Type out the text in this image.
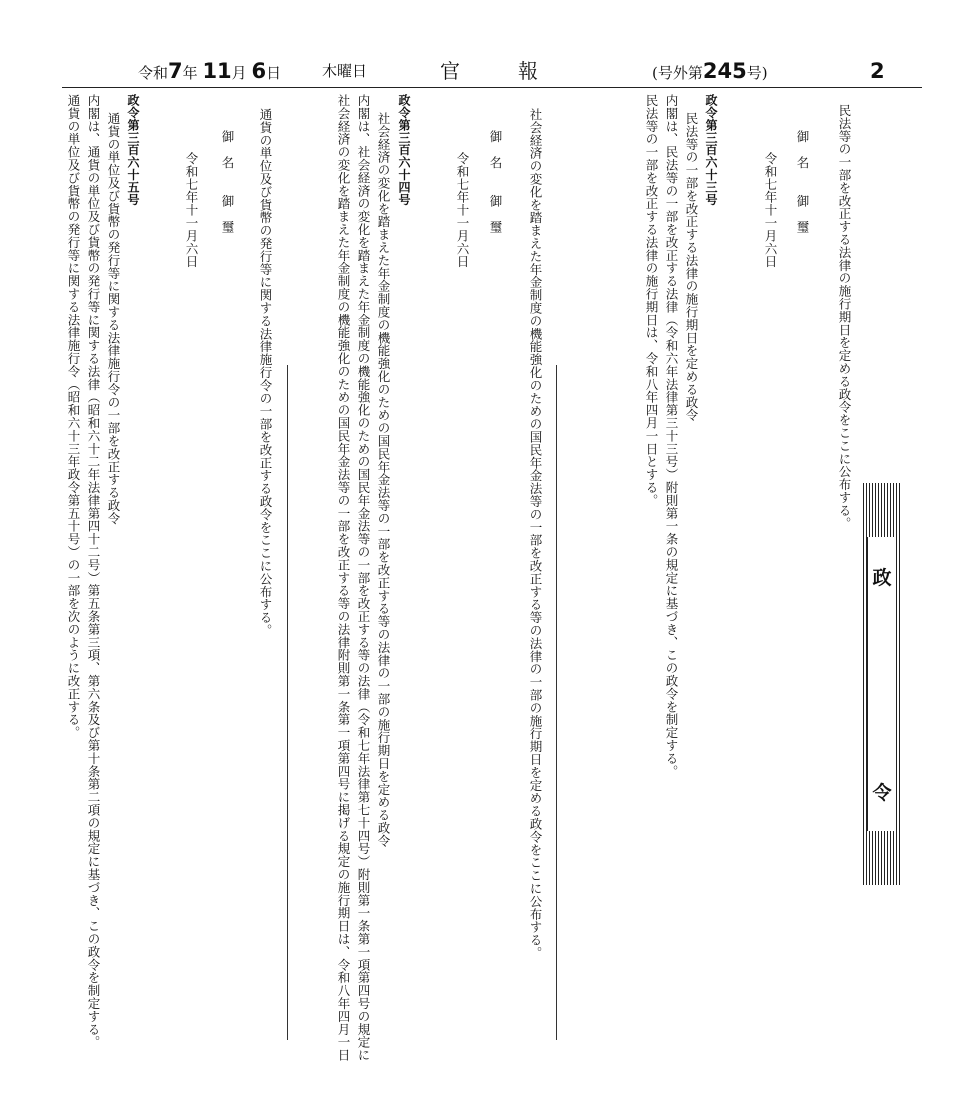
令和7年 11月 6日	木曜日	官	報	(号外第245号)	2
政
令
民法等の一部を改正する法律の施行期日を定める政令をここに公布する。
御　名　　御　璽
令和七年十一月六日
政令第三百六十三号
民法等の一部を改正する法律の施行期日を定める政令
内閣は、民法等の一部を改正する法律（令和六年法律第三十三号）附則第一条の規定に基づき、この政令を制定する。
民法等の一部を改正する法律の施行期日は、令和八年四月一日とする。
社会経済の変化を踏まえた年金制度の機能強化のための国民年金法等の一部を改正する等の法律の一部の施行期日を定める政令をここに公布する。
御　名　　御　璽
令和七年十一月六日
政令第三百六十四号
社会経済の変化を踏まえた年金制度の機能強化のための国民年金法等の一部を改正する等の法律の一部の施行期日を定める政令
内閣は、社会経済の変化を踏まえた年金制度の機能強化のための国民年金法等の一部を改正する等の法律（令和七年法律第七十四号）附則第一条第一項第四号の規定に
社会経済の変化を踏まえた年金制度の機能強化のための国民年金法等の一部を改正する等の法律附則第一条第一項第四号に掲げる規定の施行期日は、令和八年四月一日
通貨の単位及び貨幣の発行等に関する法律施行令の一部を改正する政令をここに公布する。
御　名　　御　璽
令和七年十一月六日
政令第三百六十五号
通貨の単位及び貨幣の発行等に関する法律施行令の一部を改正する政令
内閣は、通貨の単位及び貨幣の発行等に関する法律（昭和六十二年法律第四十二号）第五条第三項、第六条及び第十条第二項の規定に基づき、この政令を制定する。
通貨の単位及び貨幣の発行等に関する法律施行令（昭和六十三年政令第五十号）の一部を次のように改正する。
